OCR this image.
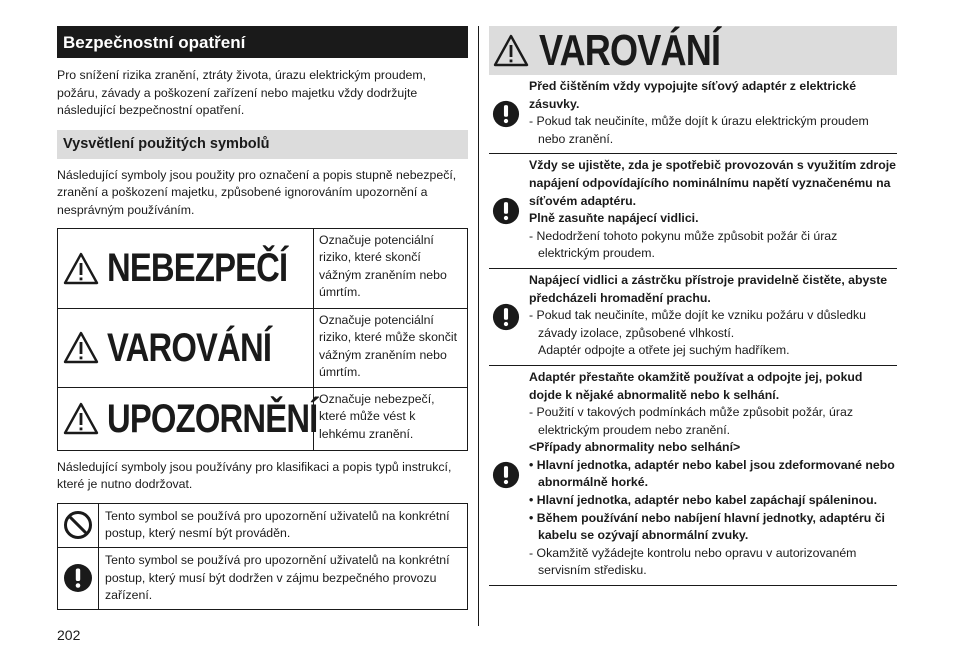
Bezpečnostní opatření

Pro snížení rizika zranění, ztráty života, úrazu elektrickým proudem, požáru, závady a poškození zařízení nebo majetku vždy dodržujte následující bezpečnostní opatření.

Vysvětlení použitých symbolů

Následující symboly jsou použity pro označení a popis stupně nebezpečí, zranění a poškození majetku, způsobené ignorováním upozornění a nesprávným používáním.

NEBEZPEČÍ
Označuje potenciální riziko, které skončí vážným zraněním nebo úmrtím.
VAROVÁNÍ
Označuje potenciální riziko, které může skončit vážným zraněním nebo úmrtím.
UPOZORNĚNÍ Označuje nebezpečí, které může vést k lehkému zranění.

Následující symboly jsou používány pro klasifikaci a popis typů instrukcí, které je nutno dodržovat.

Tento symbol se používá pro upozornění uživatelů na konkrétní postup, který nesmí být prováděn.
Tento symbol se používá pro upozornění uživatelů na konkrétní postup, který musí být dodržen v zájmu bezpečného provozu zařízení.
202
VAROVÁNÍ
Před čištěním vždy vypojujte síťový adaptér z elektrické zásuvky.
- Pokud tak neučiníte, může dojít k úrazu elektrickým proudem nebo zranění.
Vždy se ujistěte, zda je spotřebič provozován s využitím zdroje napájení odpovídajícího nominálnímu napětí vyznačenému na síťovém adaptéru.
Plně zasuňte napájecí vidlici.
- Nedodržení tohoto pokynu může způsobit požár či úraz elektrickým proudem.
Napájecí vidlici a zástrčku přístroje pravidelně čistěte, abyste předcházeli hromadění prachu.
- Pokud tak neučiníte, může dojít ke vzniku požáru v důsledku závady izolace, způsobené vlhkostí.
Adaptér odpojte a otřete jej suchým hadříkem.
Adaptér přestaňte okamžitě používat a odpojte jej, pokud dojde k nějaké abnormalitě nebo k selhání.
- Použití v takových podmínkách může způsobit požár, úraz elektrickým proudem nebo zranění.
<Případy abnormality nebo selhání>
• Hlavní jednotka, adaptér nebo kabel jsou zdeformované nebo abnormálně horké.
• Hlavní jednotka, adaptér nebo kabel zapáchají spáleninou.
• Během používání nebo nabíjení hlavní jednotky, adaptéru či kabelu se ozývají abnormální zvuky.
- Okamžitě vyžádejte kontrolu nebo opravu v autorizovaném servisním středisku.
